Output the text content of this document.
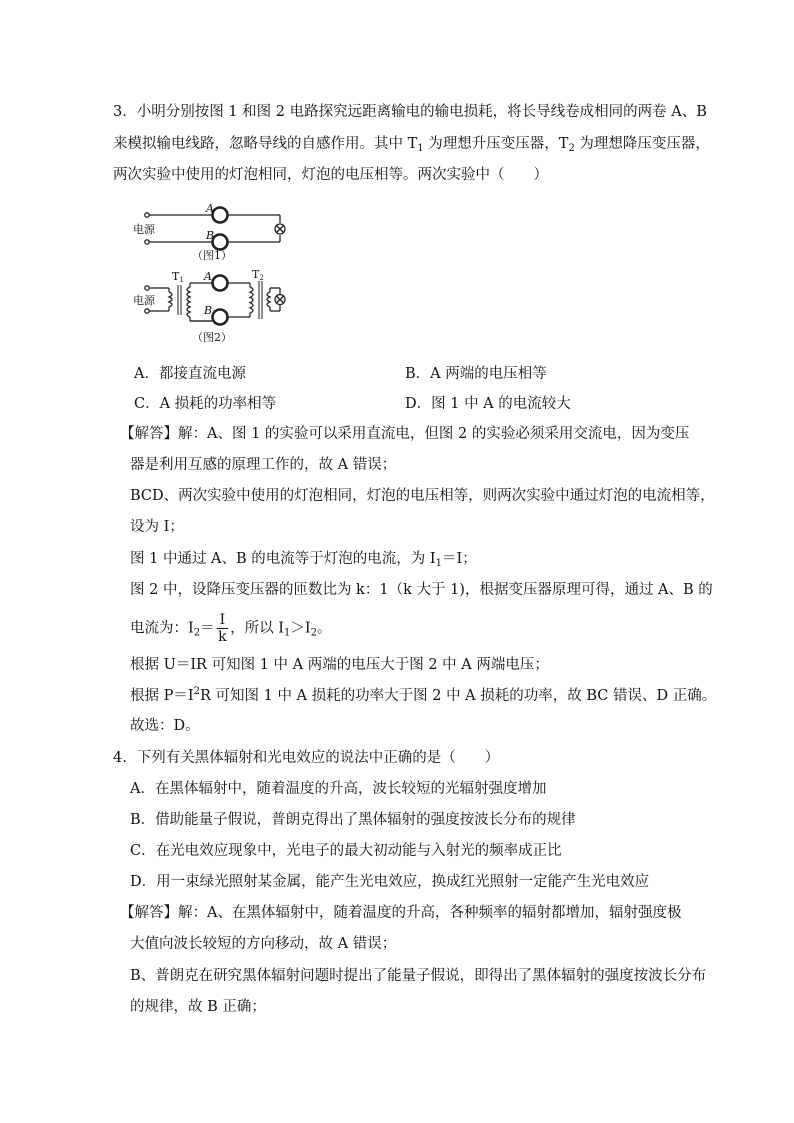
3．小明分别按图 1 和图 2 电路探究远距离输电的输电损耗，将长导线卷成相同的两卷 A、B
来模拟输电线路，忽略导线的自感作用。其中 $T_1$ 为理想升压变压器，$T_2$ 为理想降压变压器，
两次实验中使用的灯泡相同，灯泡的电压相等。两次实验中（　　）
电源
A
B
（图1）
T1	T2
电源
A
B
（图2）
A．都接直流电源	B．A 两端的电压相等
C．A 损耗的功率相等	D．图 1 中 A 的电流较大
【解答】解：A、图 1 的实验可以采用直流电，但图 2 的实验必须采用交流电，因为变压
器是利用互感的原理工作的，故 A 错误；
BCD、两次实验中使用的灯泡相同，灯泡的电压相等，则两次实验中通过灯泡的电流相等，
设为 I；
图 1 中通过 A、B 的电流等于灯泡的电流，为 $I_1=I$；
图 2 中，设降压变压器的匝数比为 k：1（k 大于 1)，根据变压器原理可得，通过 A、B 的
电流为：$I_2= \frac{I}{k}$ ，所以 $I_1>I_2$。
根据 U＝IR 可知图 1 中 A 两端的电压大于图 2 中 A 两端电压；
根据 $P=I^2R$ 可知图 1 中 A 损耗的功率大于图 2 中 A 损耗的功率，故 BC 错误、D 正确。
故选：D。
4．下列有关黑体辐射和光电效应的说法中正确的是（　　）
A．在黑体辐射中，随着温度的升高，波长较短的光辐射强度增加
B．借助能量子假说，普朗克得出了黑体辐射的强度按波长分布的规律
C．在光电效应现象中，光电子的最大初动能与入射光的频率成正比
D．用一束绿光照射某金属，能产生光电效应，换成红光照射一定能产生光电效应
【解答】解：A、在黑体辐射中，随着温度的升高，各种频率的辐射都增加，辐射强度极
大值向波长较短的方向移动，故 A 错误；
B、普朗克在研究黑体辐射问题时提出了能量子假说，即得出了黑体辐射的强度按波长分布
的规律，故 B 正确；
